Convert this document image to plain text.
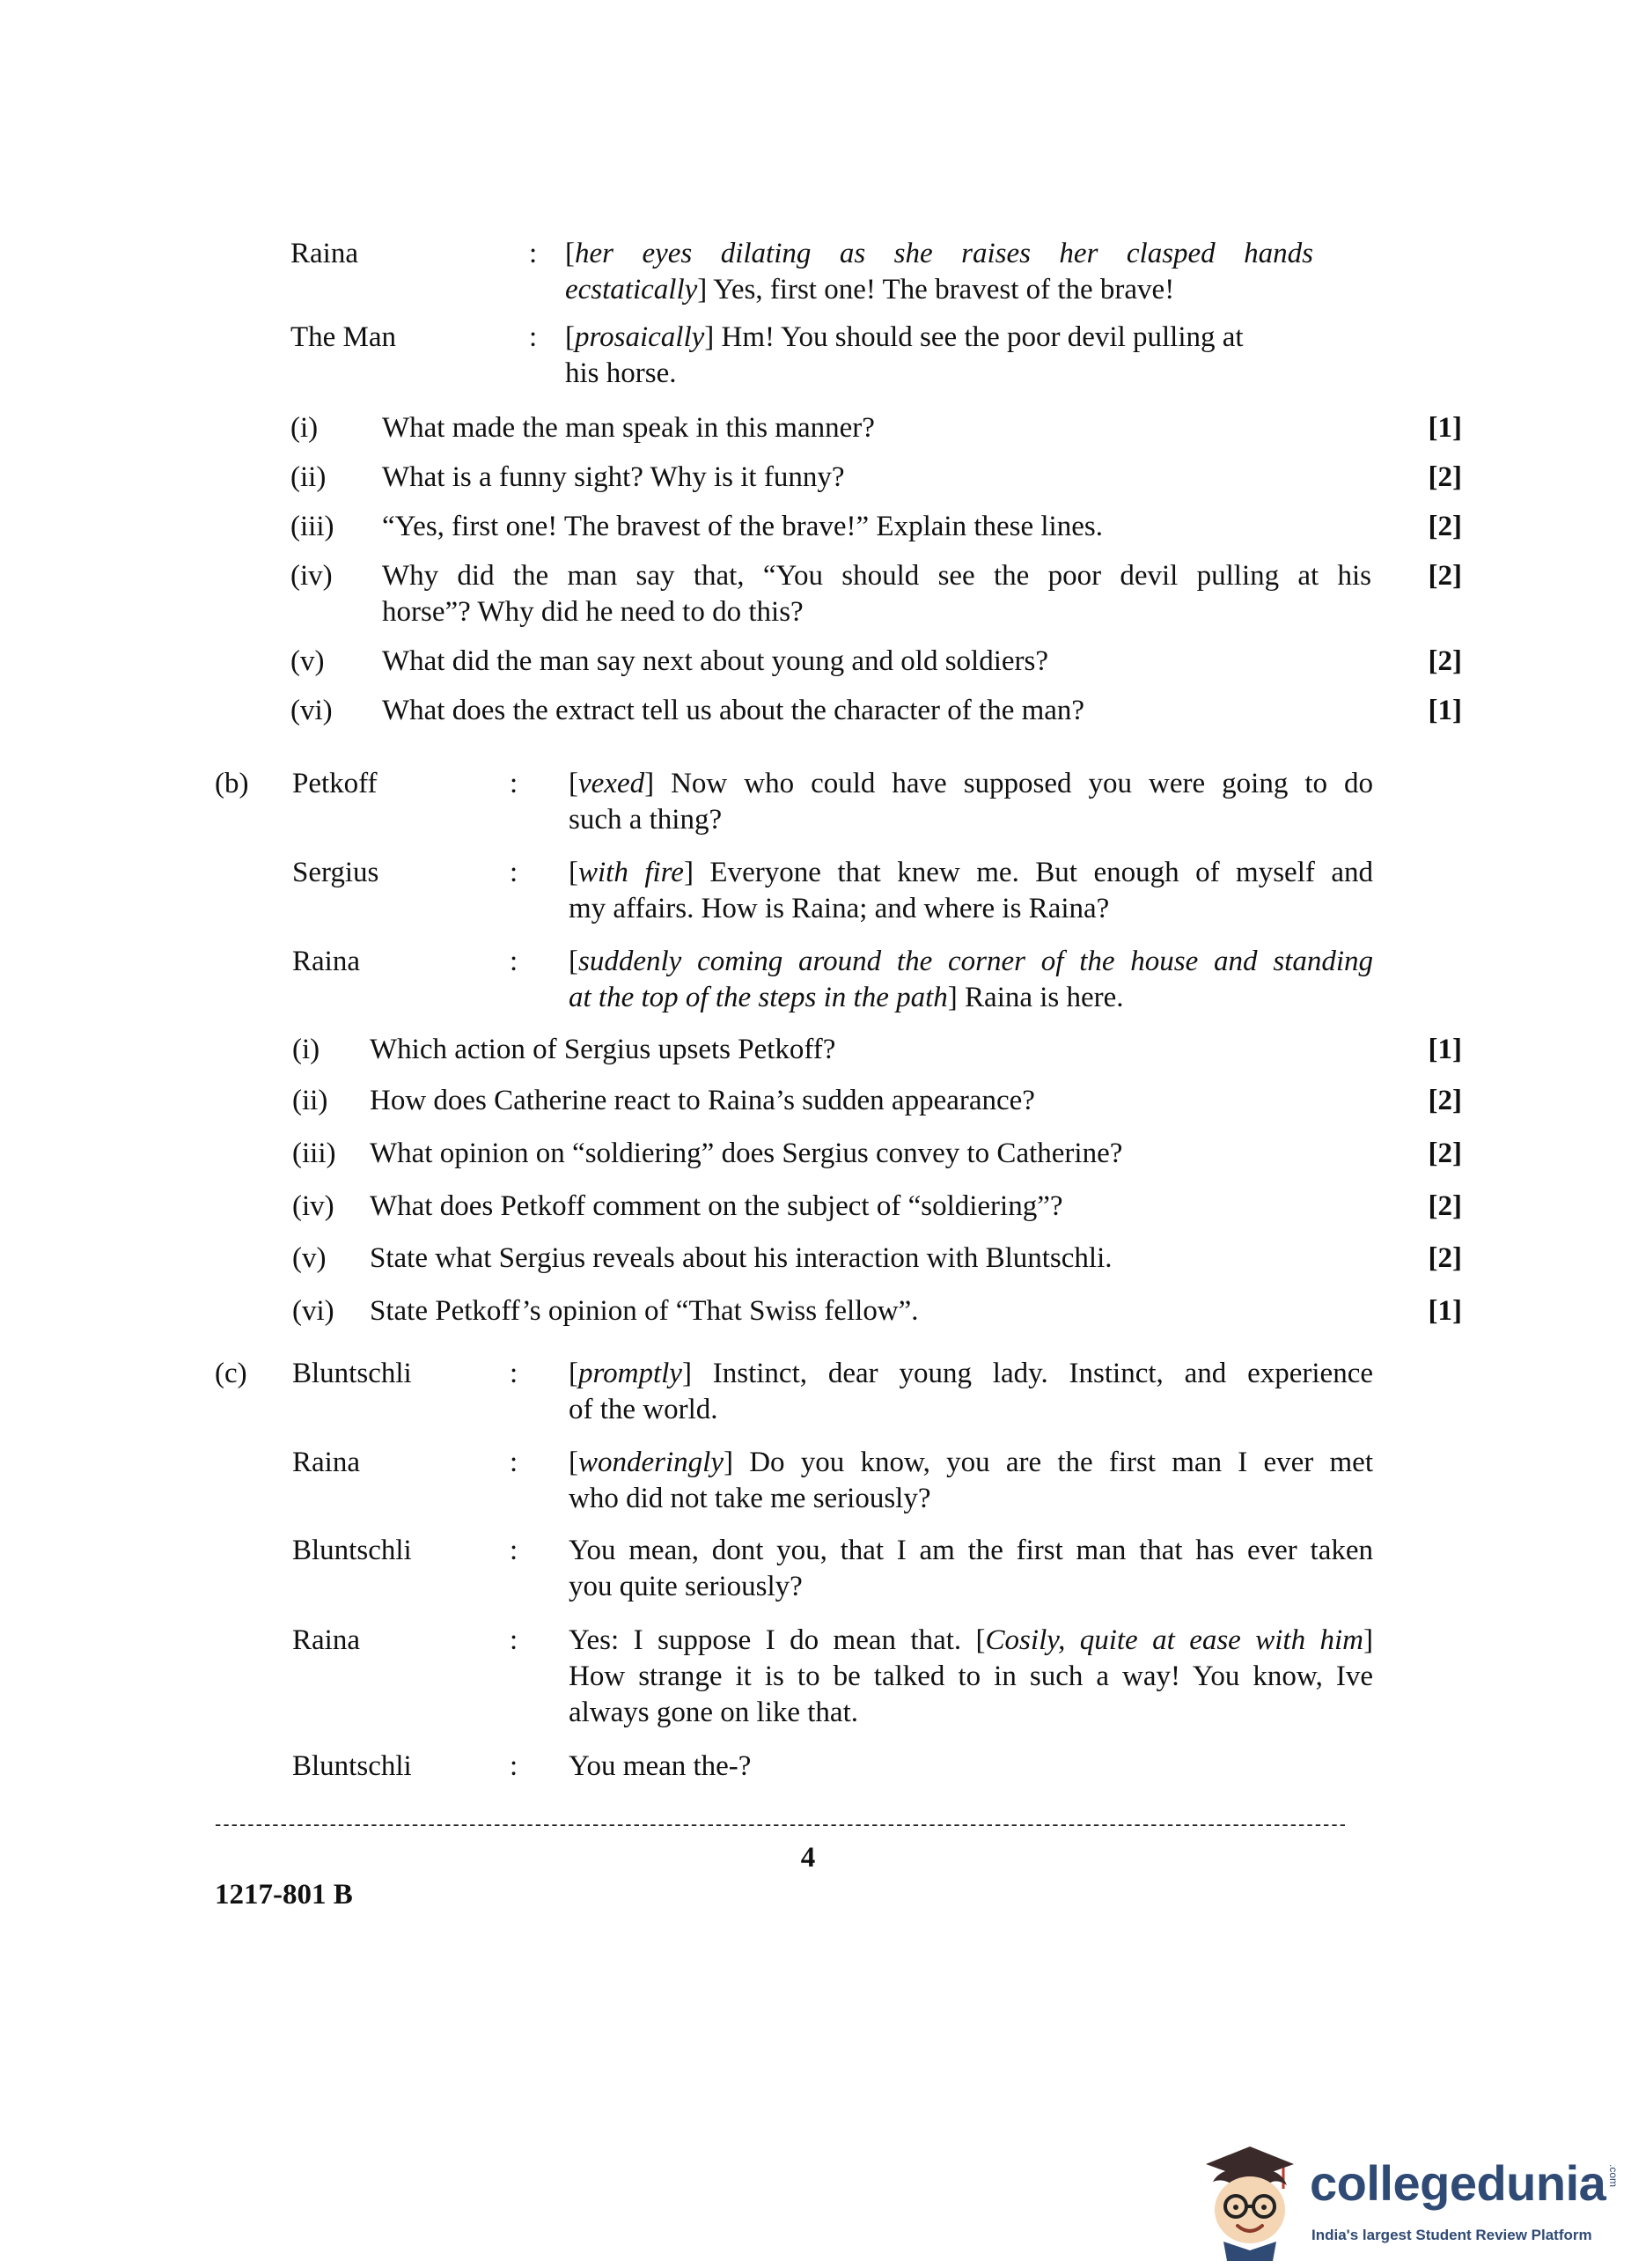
Raina	: [her eyes dilating as she raises her clasped hands
ecstatically] Yes, first one! The bravest of the brave!
The Man	: [prosaically] Hm! You should see the poor devil pulling at
his horse.
(i) What made the man speak in this manner?	[1]
(ii) What is a funny sight? Why is it funny?	[2]
(iii) “Yes, first one! The bravest of the brave!” Explain these lines.	[2]
(iv) Why did the man say that, “You should see the poor devil pulling at his
horse”? Why did he need to do this?
[2]
(v) What did the man say next about young and old soldiers?	[2]
(vi) What does the extract tell us about the character of the man?	[1]
(b) Petkoff	: [vexed] Now who could have supposed you were going to do
such a thing?
Sergius	: [with fire] Everyone that knew me. But enough of myself and
my affairs. How is Raina; and where is Raina?
Raina	: [suddenly coming around the corner of the house and standing
at the top of the steps in the path] Raina is here.
(i) Which action of Sergius upsets Petkoff?	[1]
(ii) How does Catherine react to Raina’s sudden appearance?	[2]
(iii) What opinion on “soldiering” does Sergius convey to Catherine?	[2]
(iv) What does Petkoff comment on the subject of “soldiering”?	[2]
(v) State what Sergius reveals about his interaction with Bluntschli.	[2]
(vi) State Petkoff’s opinion of “That Swiss fellow”.	[1]
(c) Bluntschli	: [promptly] Instinct, dear young lady. Instinct, and experience
of the world.
Raina	: [wonderingly] Do you know, you are the first man I ever met
who did not take me seriously?
Bluntschli	: You mean, dont you, that I am the first man that has ever taken
you quite seriously?
Raina	: Yes: I suppose I do mean that. [Cosily, quite at ease with him]
How strange it is to be talked to in such a way! You know, Ive
always gone on like that.
Bluntschli	: You mean the-?
------------------------------------------------------------------------------------------------------------------------------------------
4
1217-801 B
collegedunia .com
India's largest Student Review Platform
